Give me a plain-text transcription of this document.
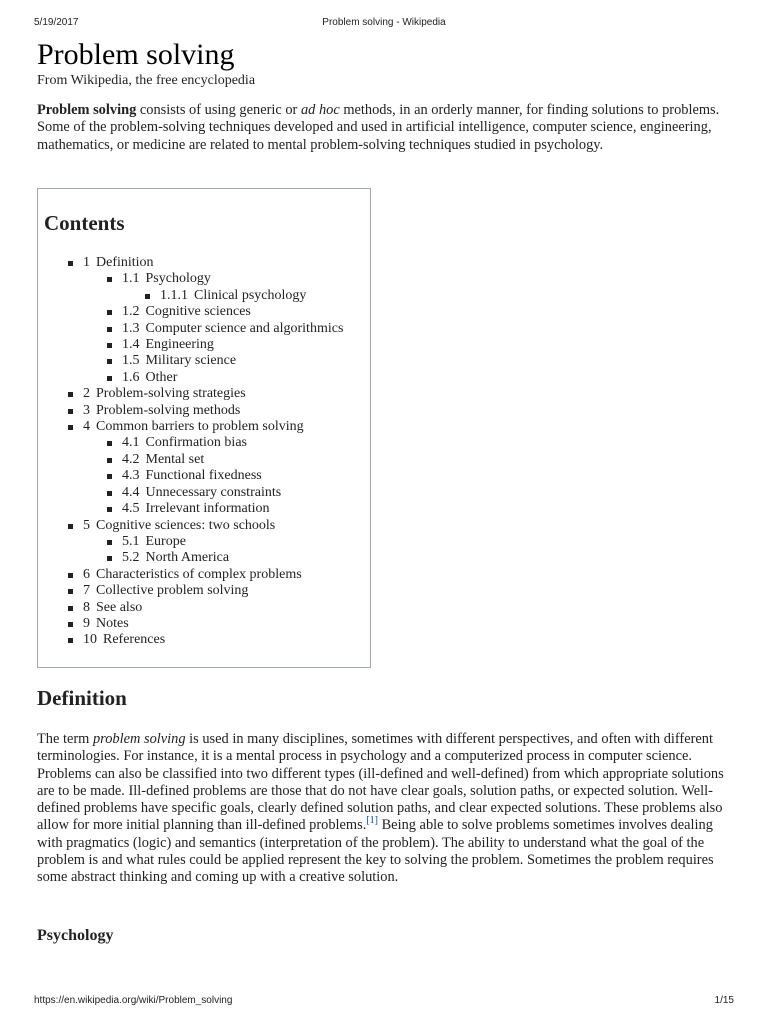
5/19/2017	Problem solving - Wikipedia
Problem solving
From Wikipedia, the free encyclopedia

Problem solving consists of using generic or ad hoc methods, in an orderly manner, for finding solutions to problems. Some of the problem-solving techniques developed and used in artificial intelligence, computer science, engineering, mathematics, or medicine are related to mental problem-solving techniques studied in psychology.

Contents
1 Definition
1.1 Psychology
1.1.1 Clinical psychology
1.2 Cognitive sciences
1.3 Computer science and algorithmics
1.4 Engineering
1.5 Military science
1.6 Other
2 Problem-solving strategies
3 Problem-solving methods
4 Common barriers to problem solving
4.1 Confirmation bias
4.2 Mental set
4.3 Functional fixedness
4.4 Unnecessary constraints
4.5 Irrelevant information
5 Cognitive sciences: two schools
5.1 Europe
5.2 North America
6 Characteristics of complex problems
7 Collective problem solving
8 See also
9 Notes
10 References
Definition

The term problem solving is used in many disciplines, sometimes with different perspectives, and often with different terminologies. For instance, it is a mental process in psychology and a computerized process in computer science. Problems can also be classified into two different types (ill-defined and well-defined) from which appropriate solutions are to be made. Ill-defined problems are those that do not have clear goals, solution paths, or expected solution. Well-defined problems have specific goals, clearly defined solution paths, and clear expected solutions. These problems also allow for more initial planning than ill-defined problems.[1] Being able to solve problems sometimes involves dealing with pragmatics (logic) and semantics (interpretation of the problem). The ability to understand what the goal of the problem is and what rules could be applied represent the key to solving the problem. Sometimes the problem requires some abstract thinking and coming up with a creative solution.

Psychology
https://en.wikipedia.org/wiki/Problem_solving	1/15
